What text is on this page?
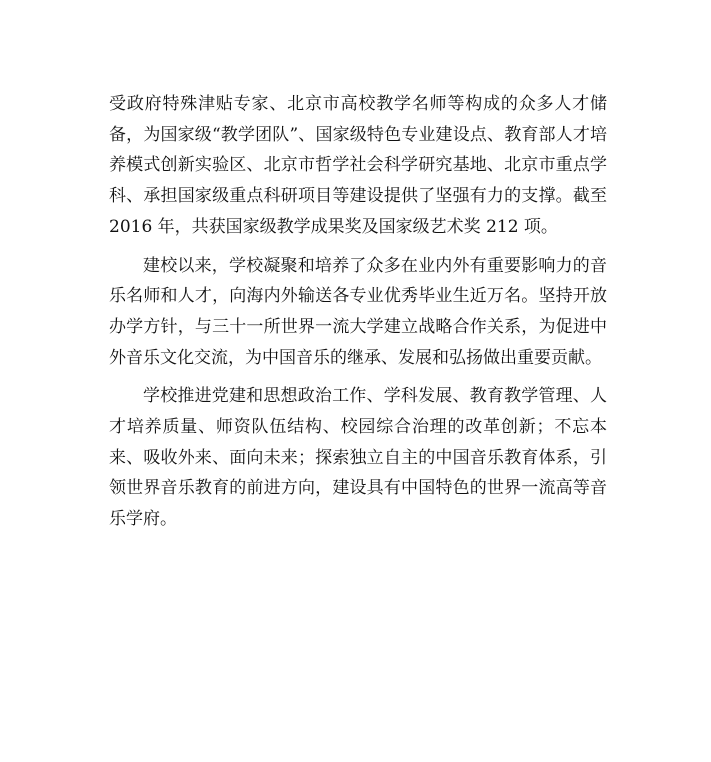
受政府特殊津贴专家、北京市高校教学名师等构成的众多人才储备，为国家级“教学团队”、国家级特色专业建设点、教育部人才培养模式创新实验区、北京市哲学社会科学研究基地、北京市重点学科、承担国家级重点科研项目等建设提供了坚强有力的支撑。截至 2016 年，共获国家级教学成果奖及国家级艺术奖 212 项。

建校以来，学校凝聚和培养了众多在业内外有重要影响力的音乐名师和人才，向海内外输送各专业优秀毕业生近万名。坚持开放办学方针，与三十一所世界一流大学建立战略合作关系，为促进中外音乐文化交流，为中国音乐的继承、发展和弘扬做出重要贡献。

学校推进党建和思想政治工作、学科发展、教育教学管理、人才培养质量、师资队伍结构、校园综合治理的改革创新；不忘本来、吸收外来、面向未来；探索独立自主的中国音乐教育体系，引领世界音乐教育的前进方向，建设具有中国特色的世界一流高等音乐学府。
